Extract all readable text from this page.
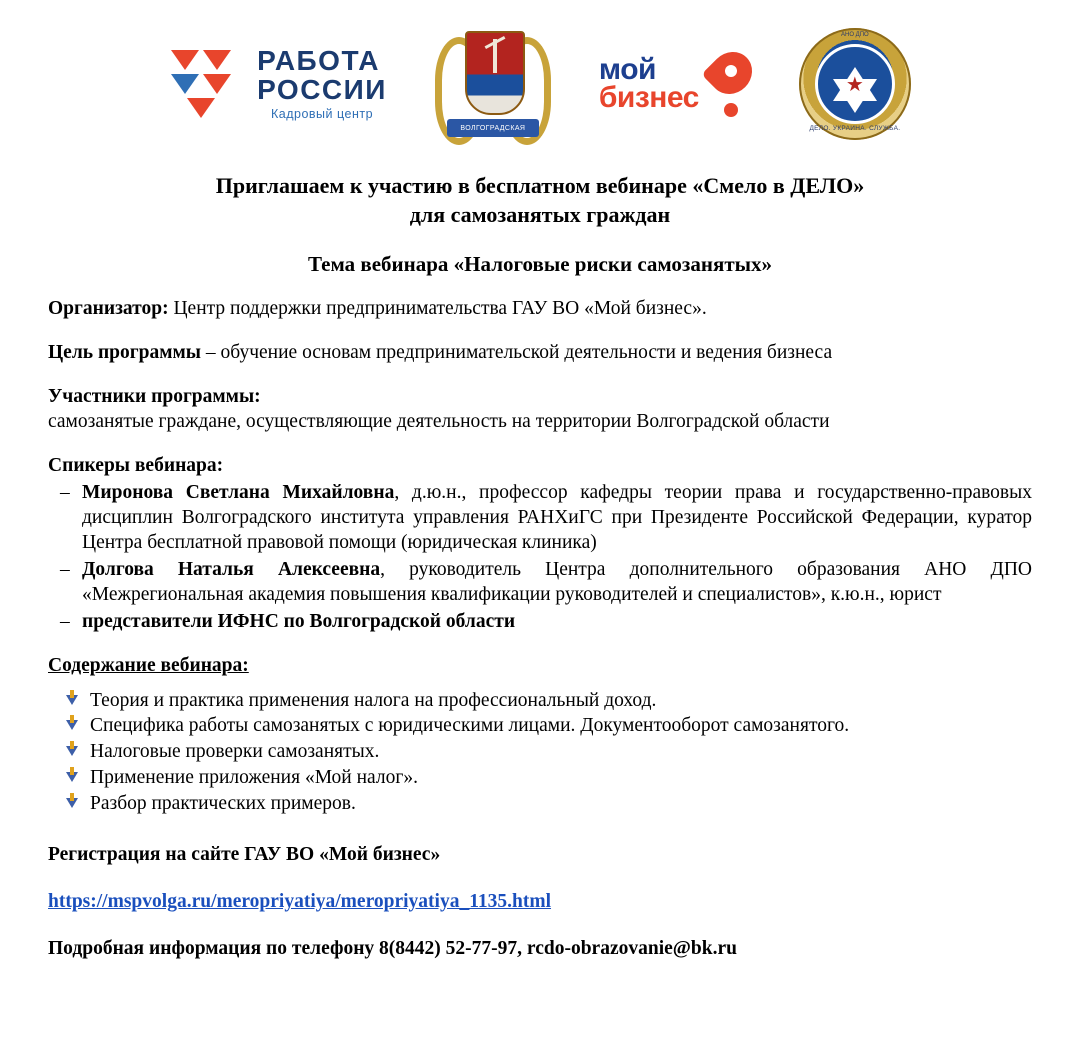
РАБОТА
РОССИИ
Кадровый центр
ВОЛГОГРАДСКАЯ
мой
бизнес
АНО ДПО
★
ДЕЛО. УКРАИНА. СЛУЖБА.
Приглашаем к участию в бесплатном вебинаре «Смело в ДЕЛО»
для самозанятых граждан
Тема вебинара «Налоговые риски самозанятых»

Организатор: Центр поддержки предпринимательства ГАУ ВО «Мой бизнес».

Цель программы – обучение основам предпринимательской деятельности и ведения бизнеса

Участники программы:
самозанятые граждане, осуществляющие деятельность на территории Волгоградской области

Спикеры вебинара:

– Миронова Светлана Михайловна, д.ю.н., профессор кафедры теории права и государственно-правовых дисциплин Волгоградского института управления РАНХиГС при Президенте Российской Федерации, куратор Центра бесплатной правовой помощи (юридическая клиника)
– Долгова Наталья Алексеевна, руководитель Центра дополнительного образования АНО ДПО «Межрегиональная академия повышения квалификации руководителей и специалистов», к.ю.н., юрист
– представители ИФНС по Волгоградской области

Содержание вебинара:

Теория и практика применения налога на профессиональный доход.
Специфика работы самозанятых с юридическими лицами. Документооборот самозанятого.
Налоговые проверки самозанятых.
Применение приложения «Мой налог».
Разбор практических примеров.

Регистрация на сайте ГАУ ВО «Мой бизнес»

https://mspvolga.ru/meropriyatiya/meropriyatiya_1135.html

Подробная информация по телефону 8(8442) 52-77-97, rcdo-obrazovanie@bk.ru
